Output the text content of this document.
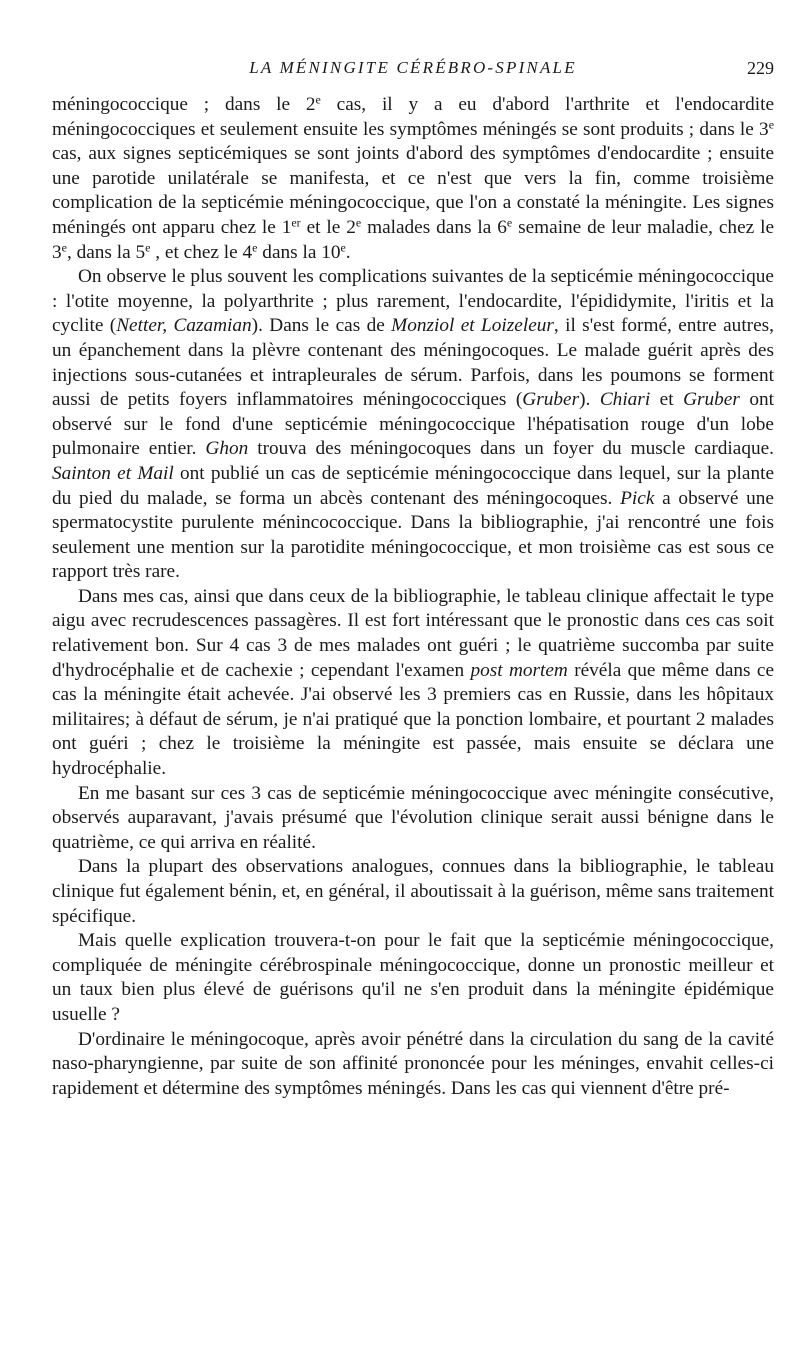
LA MÉNINGITE CÉRÉBRO-SPINALE	229

méningococcique ; dans le 2e cas, il y a eu d'abord l'arthrite et l'endocardite méningococciques et seulement ensuite les symptômes méningés se sont produits ; dans le 3e cas, aux signes septicémiques se sont joints d'abord des symptômes d'endocardite ; ensuite une parotide unilatérale se manifesta, et ce n'est que vers la fin, comme troisième complication de la septicémie méningococcique, que l'on a constaté la méningite. Les signes méningés ont apparu chez le 1er et le 2e malades dans la 6e semaine de leur maladie, chez le 3e, dans la 5e , et chez le 4e dans la 10e.

On observe le plus souvent les complications suivantes de la septicémie méningococcique : l'otite moyenne, la polyarthrite ; plus rarement, l'endocardite, l'épididymite, l'iritis et la cyclite (Netter, Cazamian). Dans le cas de Monziol et Loizeleur, il s'est formé, entre autres, un épanchement dans la plèvre contenant des méningocoques. Le malade guérit après des injections sous-cutanées et intrapleurales de sérum. Parfois, dans les poumons se forment aussi de petits foyers inflammatoires méningococciques (Gruber). Chiari et Gruber ont observé sur le fond d'une septicémie méningococcique l'hépatisation rouge d'un lobe pulmonaire entier. Ghon trouva des méningocoques dans un foyer du muscle cardiaque. Sainton et Mail ont publié un cas de septicémie méningococcique dans lequel, sur la plante du pied du malade, se forma un abcès contenant des méningocoques. Pick a observé une spermatocystite purulente ménincococcique. Dans la bibliographie, j'ai rencontré une fois seulement une mention sur la parotidite méningococcique, et mon troisième cas est sous ce rapport très rare.

Dans mes cas, ainsi que dans ceux de la bibliographie, le tableau clinique affectait le type aigu avec recrudescences passagères. Il est fort intéressant que le pronostic dans ces cas soit relativement bon. Sur 4 cas 3 de mes malades ont guéri ; le quatrième succomba par suite d'hydrocéphalie et de cachexie ; cependant l'examen post mortem révéla que même dans ce cas la méningite était achevée. J'ai observé les 3 premiers cas en Russie, dans les hôpitaux militaires; à défaut de sérum, je n'ai pratiqué que la ponction lombaire, et pourtant 2 malades ont guéri ; chez le troisième la méningite est passée, mais ensuite se déclara une hydrocéphalie.

En me basant sur ces 3 cas de septicémie méningococcique avec méningite consécutive, observés auparavant, j'avais présumé que l'évolution clinique serait aussi bénigne dans le quatrième, ce qui arriva en réalité.

Dans la plupart des observations analogues, connues dans la bibliographie, le tableau clinique fut également bénin, et, en général, il aboutissait à la guérison, même sans traitement spécifique.

Mais quelle explication trouvera-t-on pour le fait que la septicémie méningococcique, compliquée de méningite cérébrospinale méningococcique, donne un pronostic meilleur et un taux bien plus élevé de guérisons qu'il ne s'en produit dans la méningite épidémique usuelle ?

D'ordinaire le méningocoque, après avoir pénétré dans la circulation du sang de la cavité naso-pharyngienne, par suite de son affinité prononcée pour les méninges, envahit celles-ci rapidement et détermine des symptômes méningés. Dans les cas qui viennent d'être pré-
